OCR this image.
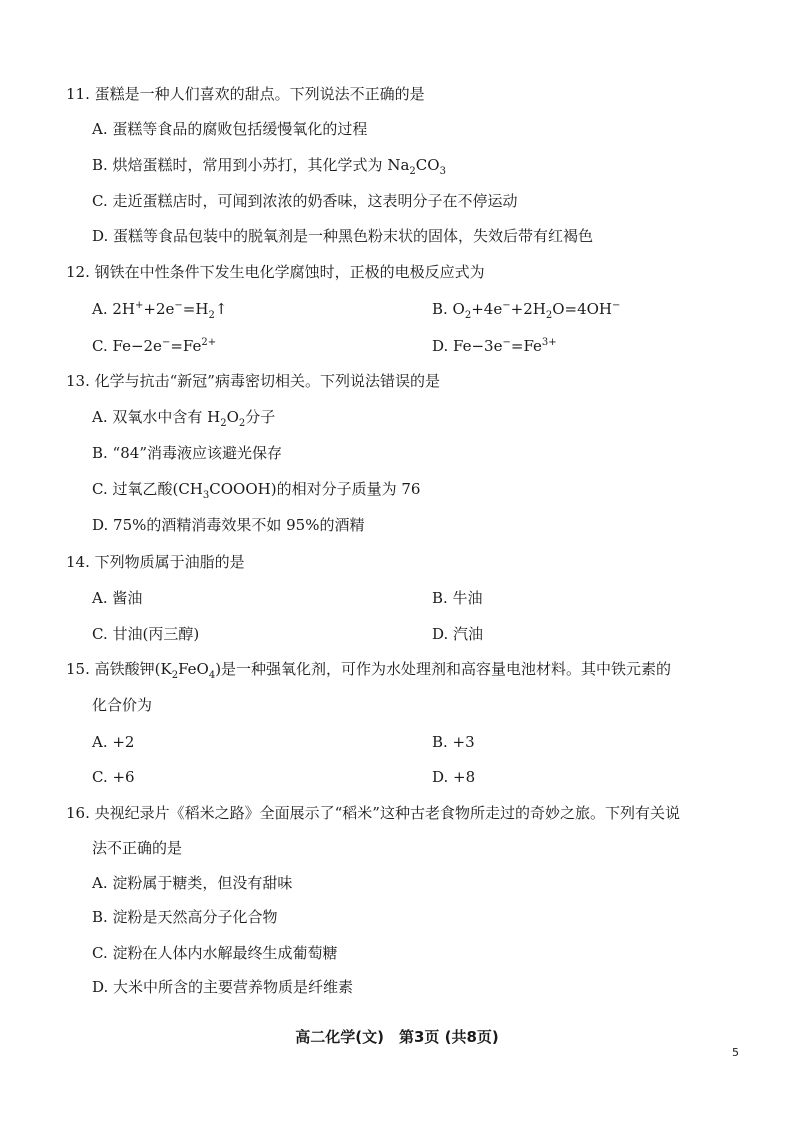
11. 蛋糕是一种人们喜欢的甜点。下列说法不正确的是
A. 蛋糕等食品的腐败包括缓慢氧化的过程
B. 烘焙蛋糕时，常用到小苏打，其化学式为 $Na_2CO_3$
C. 走近蛋糕店时，可闻到浓浓的奶香味，这表明分子在不停运动
D. 蛋糕等食品包装中的脱氧剂是一种黑色粉末状的固体，失效后带有红褐色
12. 钢铁在中性条件下发生电化学腐蚀时，正极的电极反应式为
A. $2H^++2e^-=H_2↑$	B. $O_2+4e^-+2H_2O=4OH^-$
C. $Fe-2e^-=Fe^{2+}$	D. $Fe-3e^-=Fe^{3+}$
13. 化学与抗击“新冠”病毒密切相关。下列说法错误的是
A. 双氧水中含有 $H_2O_2$分子
B. “84”消毒液应该避光保存
C. 过氧乙酸$(CH_3COOOH)$的相对分子质量为 76
D. 75%的酒精消毒效果不如 95%的酒精
14. 下列物质属于油脂的是
A. 酱油	B. 牛油
C. 甘油(丙三醇)	D. 汽油
15. 高铁酸钾$(K_2FeO_4)$是一种强氧化剂，可作为水处理剂和高容量电池材料。其中铁元素的
化合价为
A. +2	B. +3
C. +6	D. +8
16. 央视纪录片《稻米之路》全面展示了“稻米”这种古老食物所走过的奇妙之旅。下列有关说
法不正确的是
A. 淀粉属于糖类，但没有甜味
B. 淀粉是天然高分子化合物
C. 淀粉在人体内水解最终生成葡萄糖
D. 大米中所含的主要营养物质是纤维素
高二化学(文)　第3页 (共8页)
5
